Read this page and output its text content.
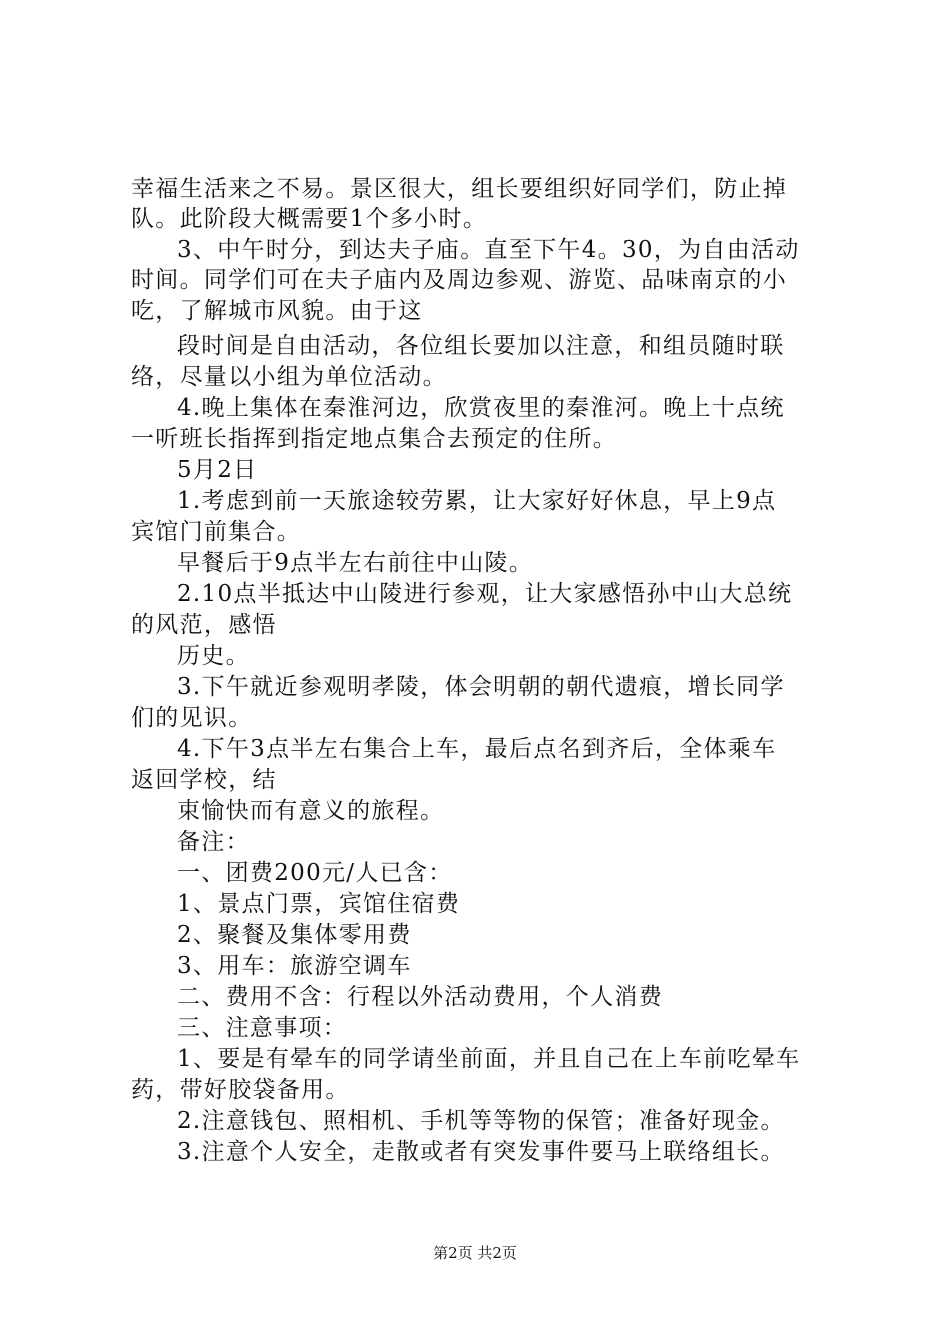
幸福生活来之不易。景区很大，组长要组织好同学们，防止掉
队。此阶段大概需要1个多小时。
3、中午时分，到达夫子庙。直至下午4。30，为自由活动
时间。同学们可在夫子庙内及周边参观、游览、品味南京的小
吃，了解城市风貌。由于这
段时间是自由活动，各位组长要加以注意，和组员随时联
络，尽量以小组为单位活动。
4.晚上集体在秦淮河边，欣赏夜里的秦淮河。晚上十点统
一听班长指挥到指定地点集合去预定的住所。
5月2日
1.考虑到前一天旅途较劳累，让大家好好休息，早上9点
宾馆门前集合。
早餐后于9点半左右前往中山陵。
2.10点半抵达中山陵进行参观，让大家感悟孙中山大总统
的风范，感悟
历史。
3.下午就近参观明孝陵，体会明朝的朝代遗痕，增长同学
们的见识。
4.下午3点半左右集合上车，最后点名到齐后，全体乘车
返回学校，结
束愉快而有意义的旅程。
备注：
一、团费200元/人已含：
1、景点门票，宾馆住宿费
2、聚餐及集体零用费
3、用车：旅游空调车
二、费用不含：行程以外活动费用，个人消费
三、注意事项：
1、要是有晕车的同学请坐前面，并且自己在上车前吃晕车
药，带好胶袋备用。
2.注意钱包、照相机、手机等等物的保管；准备好现金。
3.注意个人安全，走散或者有突发事件要马上联络组长。
第2页 共2页
